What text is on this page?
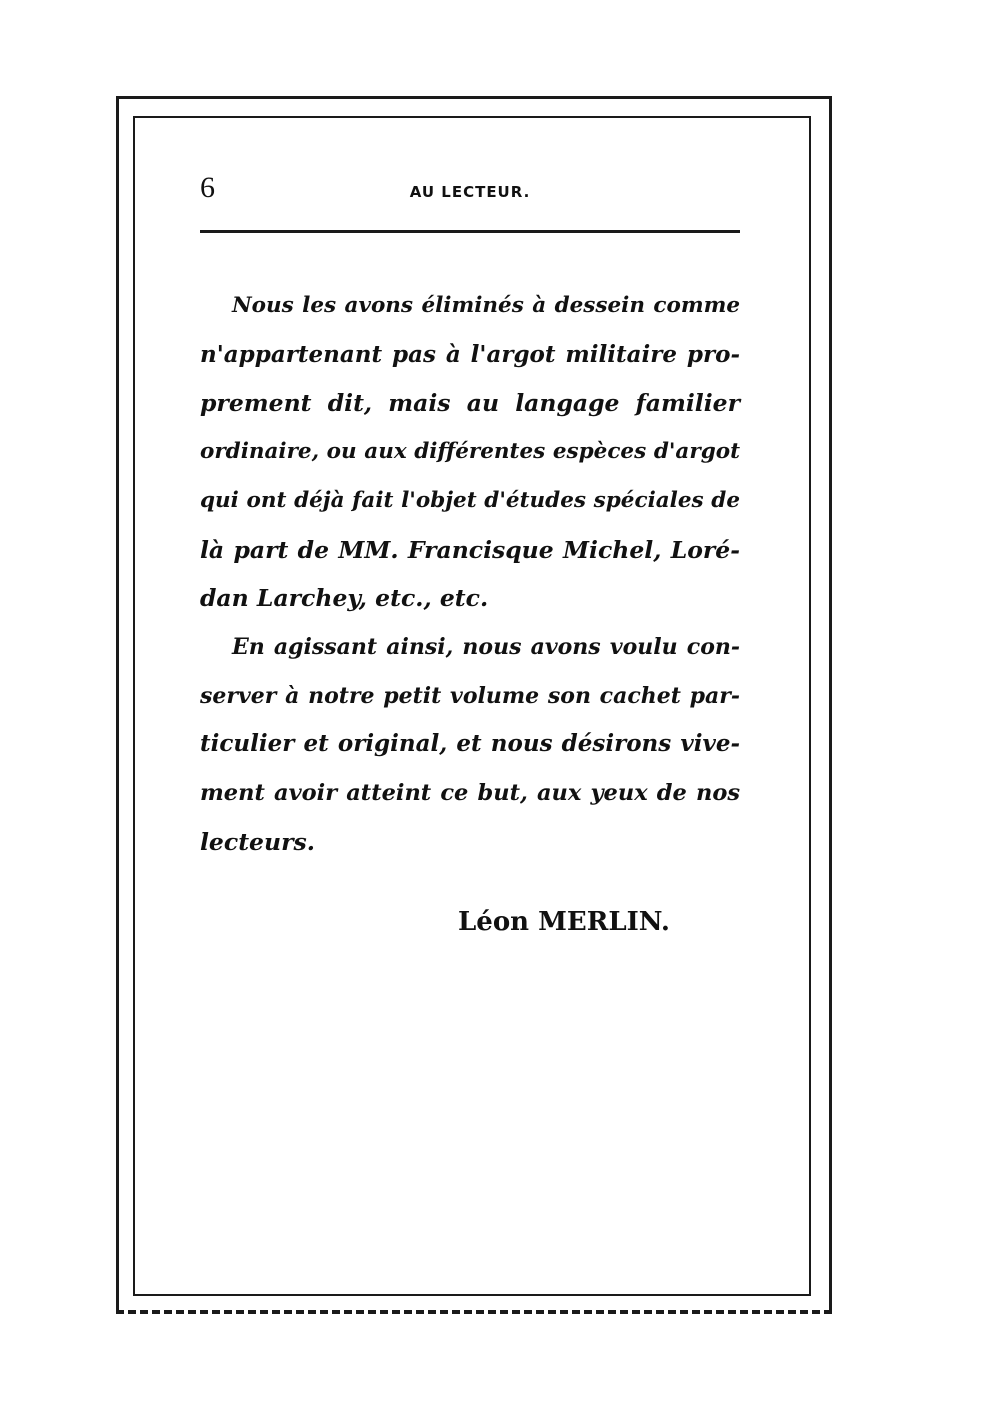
6	AU LECTEUR.
Nous les avons éliminés à dessein comme
n'appartenant pas à l'argot militaire pro-
prement dit, mais au langage familier
ordinaire, ou aux différentes espèces d'argot
qui ont déjà fait l'objet d'études spéciales de
là part de MM. Francisque Michel, Loré-
dan Larchey, etc., etc.
En agissant ainsi, nous avons voulu con-
server à notre petit volume son cachet par-
ticulier et original, et nous désirons vive-
ment avoir atteint ce but, aux yeux de nos
lecteurs.
Léon MERLIN.
